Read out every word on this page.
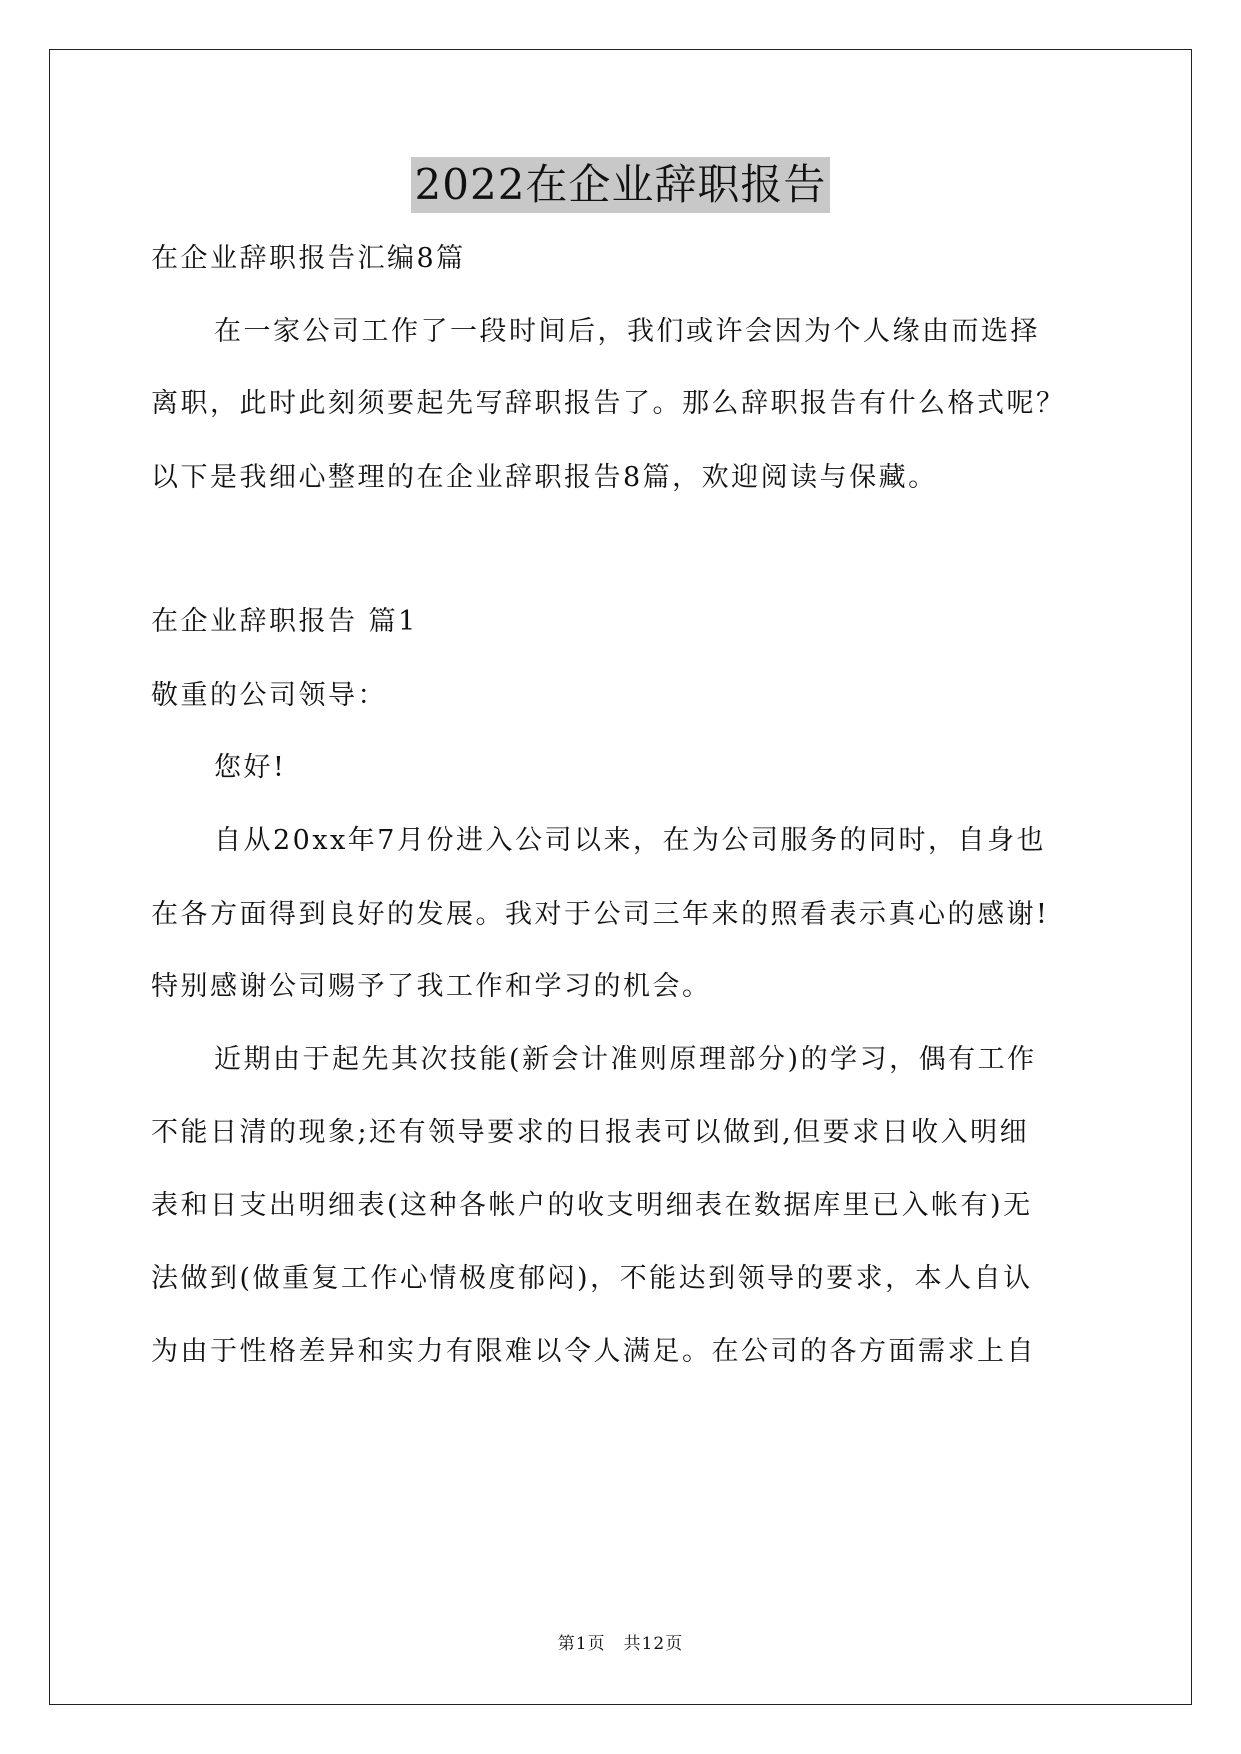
2022在企业辞职报告
在企业辞职报告汇编8篇
在一家公司工作了一段时间后，我们或许会因为个人缘由而选择
离职，此时此刻须要起先写辞职报告了。那么辞职报告有什么格式呢？
以下是我细心整理的在企业辞职报告8篇，欢迎阅读与保藏。
在企业辞职报告 篇1
敬重的公司领导：
您好!
自从20xx年7月份进入公司以来，在为公司服务的同时，自身也
在各方面得到良好的发展。我对于公司三年来的照看表示真心的感谢!
特别感谢公司赐予了我工作和学习的机会。
近期由于起先其次技能(新会计准则原理部分)的学习，偶有工作
不能日清的现象;还有领导要求的日报表可以做到,但要求日收入明细
表和日支出明细表(这种各帐户的收支明细表在数据库里已入帐有)无
法做到(做重复工作心情极度郁闷)，不能达到领导的要求，本人自认
为由于性格差异和实力有限难以令人满足。在公司的各方面需求上自
第1页　共12页
